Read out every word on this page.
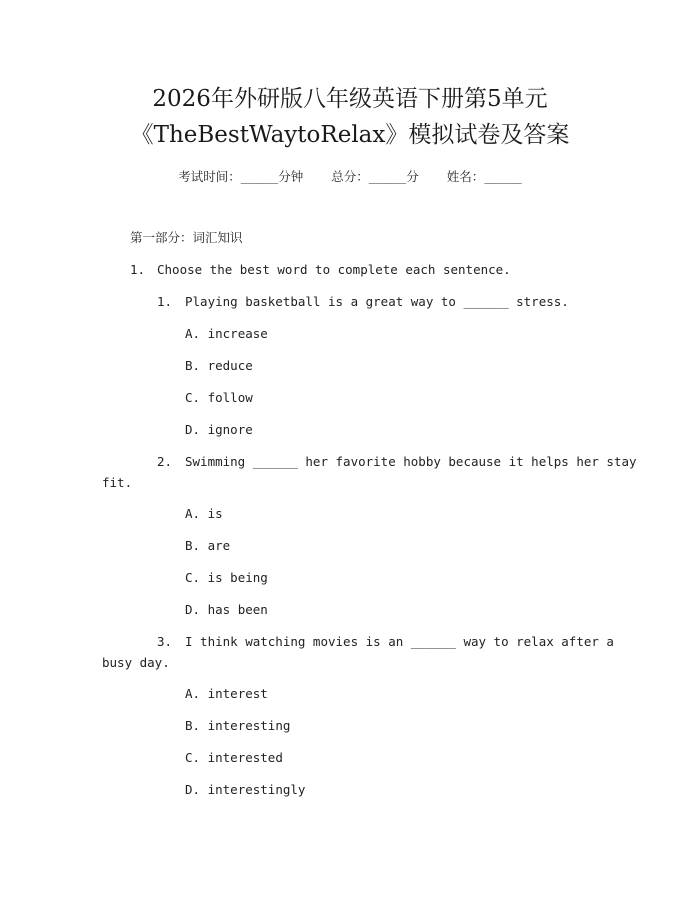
2026年外研版八年级英语下册第5单元
《TheBestWaytoRelax》模拟试卷及答案
考试时间：______分钟 总分：______分 姓名：______
第一部分：词汇知识
1. Choose the best word to complete each sentence.
1. Playing basketball is a great way to ______ stress.
A. increase
B. reduce
C. follow
D. ignore
2. Swimming ______ her favorite hobby because it helps her stay
fit.
A. is
B. are
C. is being
D. has been
3. I think watching movies is an ______ way to relax after a
busy day.
A. interest
B. interesting
C. interested
D. interestingly
